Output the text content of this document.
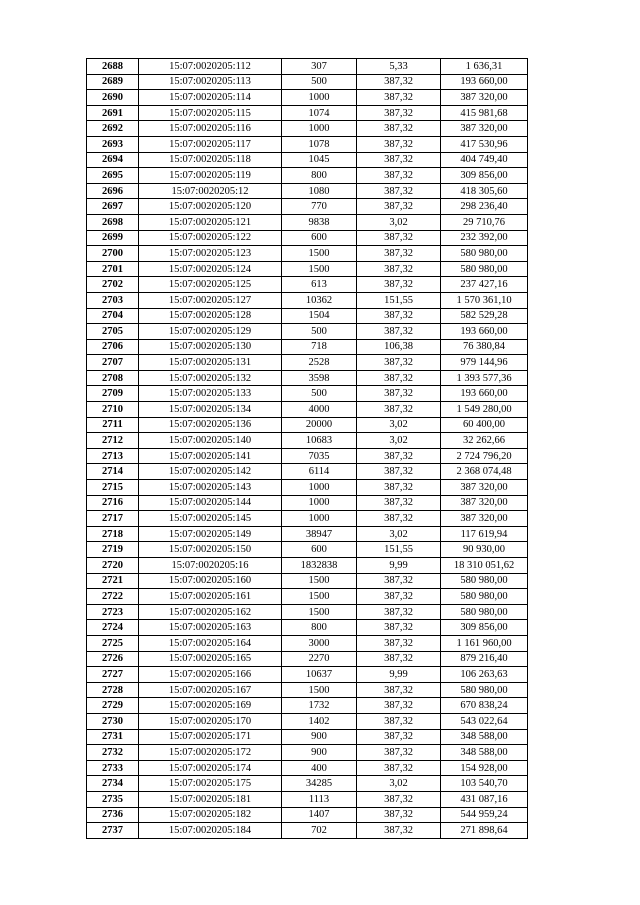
2688	15:07:0020205:112	307	5,33	1 636,31
2689	15:07:0020205:113	500	387,32	193 660,00
2690	15:07:0020205:114	1000	387,32	387 320,00
2691	15:07:0020205:115	1074	387,32	415 981,68
2692	15:07:0020205:116	1000	387,32	387 320,00
2693	15:07:0020205:117	1078	387,32	417 530,96
2694	15:07:0020205:118	1045	387,32	404 749,40
2695	15:07:0020205:119	800	387,32	309 856,00
2696	15:07:0020205:12	1080	387,32	418 305,60
2697	15:07:0020205:120	770	387,32	298 236,40
2698	15:07:0020205:121	9838	3,02	29 710,76
2699	15:07:0020205:122	600	387,32	232 392,00
2700	15:07:0020205:123	1500	387,32	580 980,00
2701	15:07:0020205:124	1500	387,32	580 980,00
2702	15:07:0020205:125	613	387,32	237 427,16
2703	15:07:0020205:127	10362	151,55	1 570 361,10
2704	15:07:0020205:128	1504	387,32	582 529,28
2705	15:07:0020205:129	500	387,32	193 660,00
2706	15:07:0020205:130	718	106,38	76 380,84
2707	15:07:0020205:131	2528	387,32	979 144,96
2708	15:07:0020205:132	3598	387,32	1 393 577,36
2709	15:07:0020205:133	500	387,32	193 660,00
2710	15:07:0020205:134	4000	387,32	1 549 280,00
2711	15:07:0020205:136	20000	3,02	60 400,00
2712	15:07:0020205:140	10683	3,02	32 262,66
2713	15:07:0020205:141	7035	387,32	2 724 796,20
2714	15:07:0020205:142	6114	387,32	2 368 074,48
2715	15:07:0020205:143	1000	387,32	387 320,00
2716	15:07:0020205:144	1000	387,32	387 320,00
2717	15:07:0020205:145	1000	387,32	387 320,00
2718	15:07:0020205:149	38947	3,02	117 619,94
2719	15:07:0020205:150	600	151,55	90 930,00
2720	15:07:0020205:16	1832838	9,99	18 310 051,62
2721	15:07:0020205:160	1500	387,32	580 980,00
2722	15:07:0020205:161	1500	387,32	580 980,00
2723	15:07:0020205:162	1500	387,32	580 980,00
2724	15:07:0020205:163	800	387,32	309 856,00
2725	15:07:0020205:164	3000	387,32	1 161 960,00
2726	15:07:0020205:165	2270	387,32	879 216,40
2727	15:07:0020205:166	10637	9,99	106 263,63
2728	15:07:0020205:167	1500	387,32	580 980,00
2729	15:07:0020205:169	1732	387,32	670 838,24
2730	15:07:0020205:170	1402	387,32	543 022,64
2731	15:07:0020205:171	900	387,32	348 588,00
2732	15:07:0020205:172	900	387,32	348 588,00
2733	15:07:0020205:174	400	387,32	154 928,00
2734	15:07:0020205:175	34285	3,02	103 540,70
2735	15:07:0020205:181	1113	387,32	431 087,16
2736	15:07:0020205:182	1407	387,32	544 959,24
2737	15:07:0020205:184	702	387,32	271 898,64
